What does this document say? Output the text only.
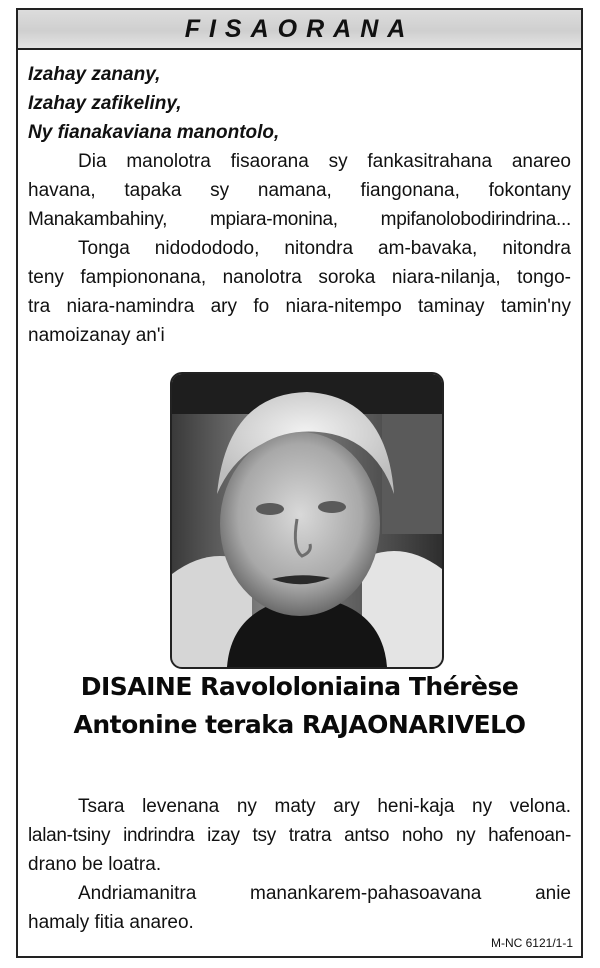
FISAORANA

Izahay zanany,

Izahay zafikeliny,

Ny fianakaviana manontolo,

Dia manolotra fisaorana sy fankasitrahana anareo

havana, tapaka sy namana, fiangonana, fokontany

Manakambahiny, mpiara-monina, mpifanolobodirindrina...

Tonga nidodododo, nitondra am-bavaka, nitondra

teny fampiononana, nanolotra soroka niara-nilanja, tongo-

tra niara-namindra ary fo niara-nitempo taminay tamin'ny

namoizanay an'i

DISAINE Ravololoniaina Thérèse
Antonine teraka RAJAONARIVELO

Tsara levenana ny maty ary heni-kaja ny velona.

lalan-tsiny indrindra izay tsy tratra antso noho ny hafenoan-

drano be loatra.

Andriamanitra manankarem-pahasoavana anie

hamaly fitia anareo.

M-NC 6121/1-1
